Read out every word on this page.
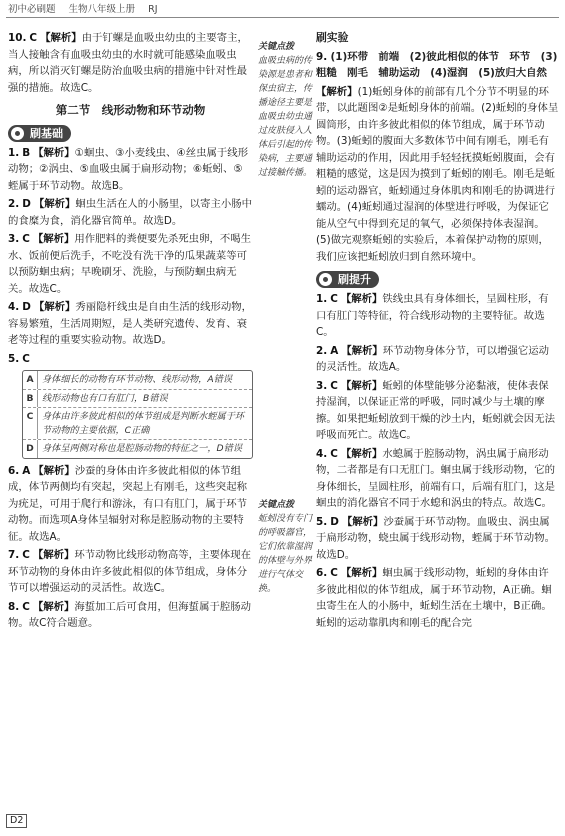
初中必刷题 生物八年级上册 RJ

10. C 【解析】由于钉螺是血吸虫幼虫的主要寄主，当人接触含有血吸虫幼虫的水时就可能感染血吸虫病，所以消灭钉螺是防治血吸虫病的措施中针对性最强的措施。故选C。

第二节　线形动物和环节动物
刷基础

1. B 【解析】①蛔虫、③小麦线虫、④丝虫属于线形动物；②涡虫、⑤血吸虫属于扁形动物；⑥蚯蚓、⑤蛭属于环节动物。故选B。

2. D 【解析】蛔虫生活在人的小肠里，以寄主小肠中的食糜为食，消化器官简单。故选D。

3. C 【解析】用作肥料的粪便要先杀死虫卵，不喝生水、饭前便后洗手，不吃没有洗干净的瓜果蔬菜等可以预防蛔虫病；早晚刷牙、洗脸，与预防蛔虫病无关。故选C。

4. D 【解析】秀丽隐杆线虫是自由生活的线形动物，容易繁殖，生活周期短，是人类研究遗传、发育、衰老等过程的重要实验动物。故选D。

5. C

A 身体细长的动物有环节动物、线形动物，A错误
B 线形动物也有口有肛门，B错误
C 身体由许多彼此相似的体节组成是判断水蛭属于环节动物的主要依据，C正确
D 身体呈两侧对称也是腔肠动物的特征之一，D错误

6. A 【解析】沙蚕的身体由许多彼此相似的体节组成，体节两侧均有突起，突起上有刚毛，这些突起称为疣足，可用于爬行和游泳，有口有肛门，属于环节动物。而选项A身体呈辐射对称是腔肠动物的主要特征。故选A。

7. C 【解析】环节动物比线形动物高等，主要体现在环节动物的身体由许多彼此相似的体节组成，身体分节可以增强运动的灵活性。故选C。

8. C 【解析】海蜇加工后可食用，但海蜇属于腔肠动物。故C符合题意。

关键点拨
血吸虫病的传染源是患者和保虫宿主，传播途径主要是血吸虫幼虫通过皮肤侵入人体后引起的传染病，主要通过接触传播。
关键点拨
蚯蚓没有专门的呼吸器官，它们依靠湿润的体壁与外界进行气体交换。
刷实验

9. (1)环带　前端　(2)彼此相似的体节　环节　(3)粗糙　刚毛　辅助运动　(4)湿润　(5)放归大自然

【解析】(1)蚯蚓身体的前部有几个分节不明显的环带，以此题图②是蚯蚓身体的前端。(2)蚯蚓的身体呈圆筒形，由许多彼此相似的体节组成，属于环节动物。(3)蚯蚓的腹面大多数体节中间有刚毛，刚毛有辅助运动的作用，因此用手轻轻抚摸蚯蚓腹面，会有粗糙的感觉，这是因为摸到了蚯蚓的刚毛。刚毛是蚯蚓的运动器官，蚯蚓通过身体肌肉和刚毛的协调进行蠕动。(4)蚯蚓通过湿润的体壁进行呼吸，为保证它能从空气中得到充足的氧气，必须保持体表湿润。(5)做完观察蚯蚓的实验后，本着保护动物的原则，我们应该把蚯蚓放归到自然环境中。

刷提升

1. C 【解析】铁线虫具有身体细长，呈圆柱形，有口有肛门等特征，符合线形动物的主要特征。故选C。

2. A 【解析】环节动物身体分节，可以增强它运动的灵活性。故选A。

3. C 【解析】蚯蚓的体壁能够分泌黏液，使体表保持湿润，以保证正常的呼吸，同时减少与土壤的摩擦。如果把蚯蚓放到干燥的沙土内，蚯蚓就会因无法呼吸而死亡。故选C。

4. C 【解析】水螅属于腔肠动物，涡虫属于扁形动物，二者都是有口无肛门。蛔虫属于线形动物，它的身体细长，呈圆柱形，前端有口，后端有肛门，这是蛔虫的消化器官不同于水螅和涡虫的特点。故选C。

5. D 【解析】沙蚕属于环节动物。血吸虫、涡虫属于扁形动物，蛲虫属于线形动物，蛭属于环节动物。故选D。

6. C 【解析】蛔虫属于线形动物，蚯蚓的身体由许多彼此相似的体节组成，属于环节动物，A正确。蛔虫寄生在人的小肠中，蚯蚓生活在土壤中，B正确。蚯蚓的运动靠肌肉和刚毛的配合完

D2
